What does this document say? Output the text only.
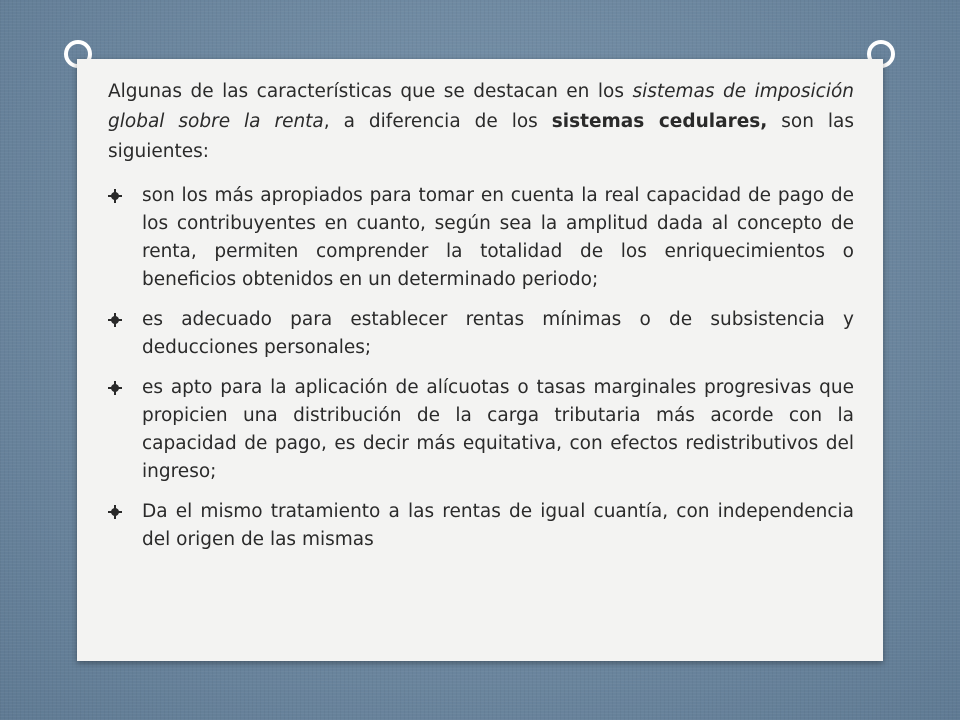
Algunas de las características que se destacan en los sistemas de imposición global sobre la renta, a diferencia de los sistemas cedulares, son las siguientes:

son los más apropiados para tomar en cuenta la real capacidad de pago de los contribuyentes en cuanto, según sea la amplitud dada al concepto de renta, permiten comprender la totalidad de los enriquecimientos o beneficios obtenidos en un determinado periodo;
es adecuado para establecer rentas mínimas o de subsistencia y deducciones personales;
es apto para la aplicación de alícuotas o tasas marginales progresivas que propicien una distribución de la carga tributaria más acorde con la capacidad de pago, es decir más equitativa, con efectos redistributivos del ingreso;
Da el mismo tratamiento a las rentas de igual cuantía, con independencia del origen de las mismas
